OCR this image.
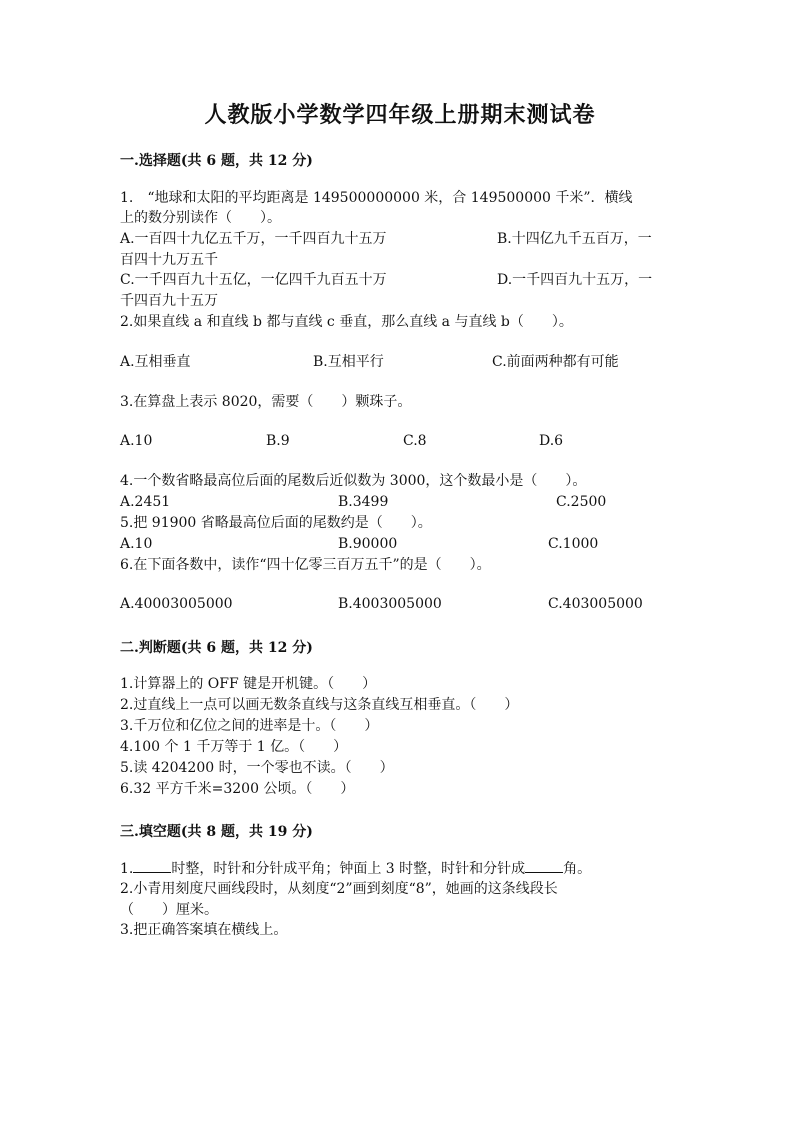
人教版小学数学四年级上册期末测试卷
一.选择题(共 6 题，共 12 分)
1.　“地球和太阳的平均距离是 149500000000 米，合 149500000 千米”．横线
上的数分别读作（　　）。
A.一百四十九亿五千万，一千四百九十五万	B.十四亿九千五百万，一
百四十九万五千
C.一千四百九十五亿，一亿四千九百五十万	D.一千四百九十五万，一
千四百九十五万
2.如果直线 a 和直线 b 都与直线 c 垂直，那么直线 a 与直线 b（　　）。
A.互相垂直	B.互相平行	C.前面两种都有可能
3.在算盘上表示 8020，需要（　　）颗珠子。
A.10	B.9	C.8	D.6
4.一个数省略最高位后面的尾数后近似数为 3000，这个数最小是（　　）。
A.2451	B.3499	C.2500
5.把 91900 省略最高位后面的尾数约是（　　）。
A.10	B.90000	C.1000
6.在下面各数中，读作“四十亿零三百万五千”的是（　　）。
A.40003005000	B.4003005000	C.403005000
二.判断题(共 6 题，共 12 分)
1.计算器上的 OFF 键是开机键。（　　）
2.过直线上一点可以画无数条直线与这条直线互相垂直。（　　）
3.千万位和亿位之间的进率是十。（　　）
4.100 个 1 千万等于 1 亿。（　　）
5.读 4204200 时，一个零也不读。（　　）
6.32 平方千米=3200 公顷。（　　）
三.填空题(共 8 题，共 19 分)
1.	时整，时针和分针成平角；钟面上 3 时整，时针和分针成	角。
2.小青用刻度尺画线段时，从刻度“2”画到刻度“8”，她画的这条线段长
（　　）厘米。
3.把正确答案填在横线上。
